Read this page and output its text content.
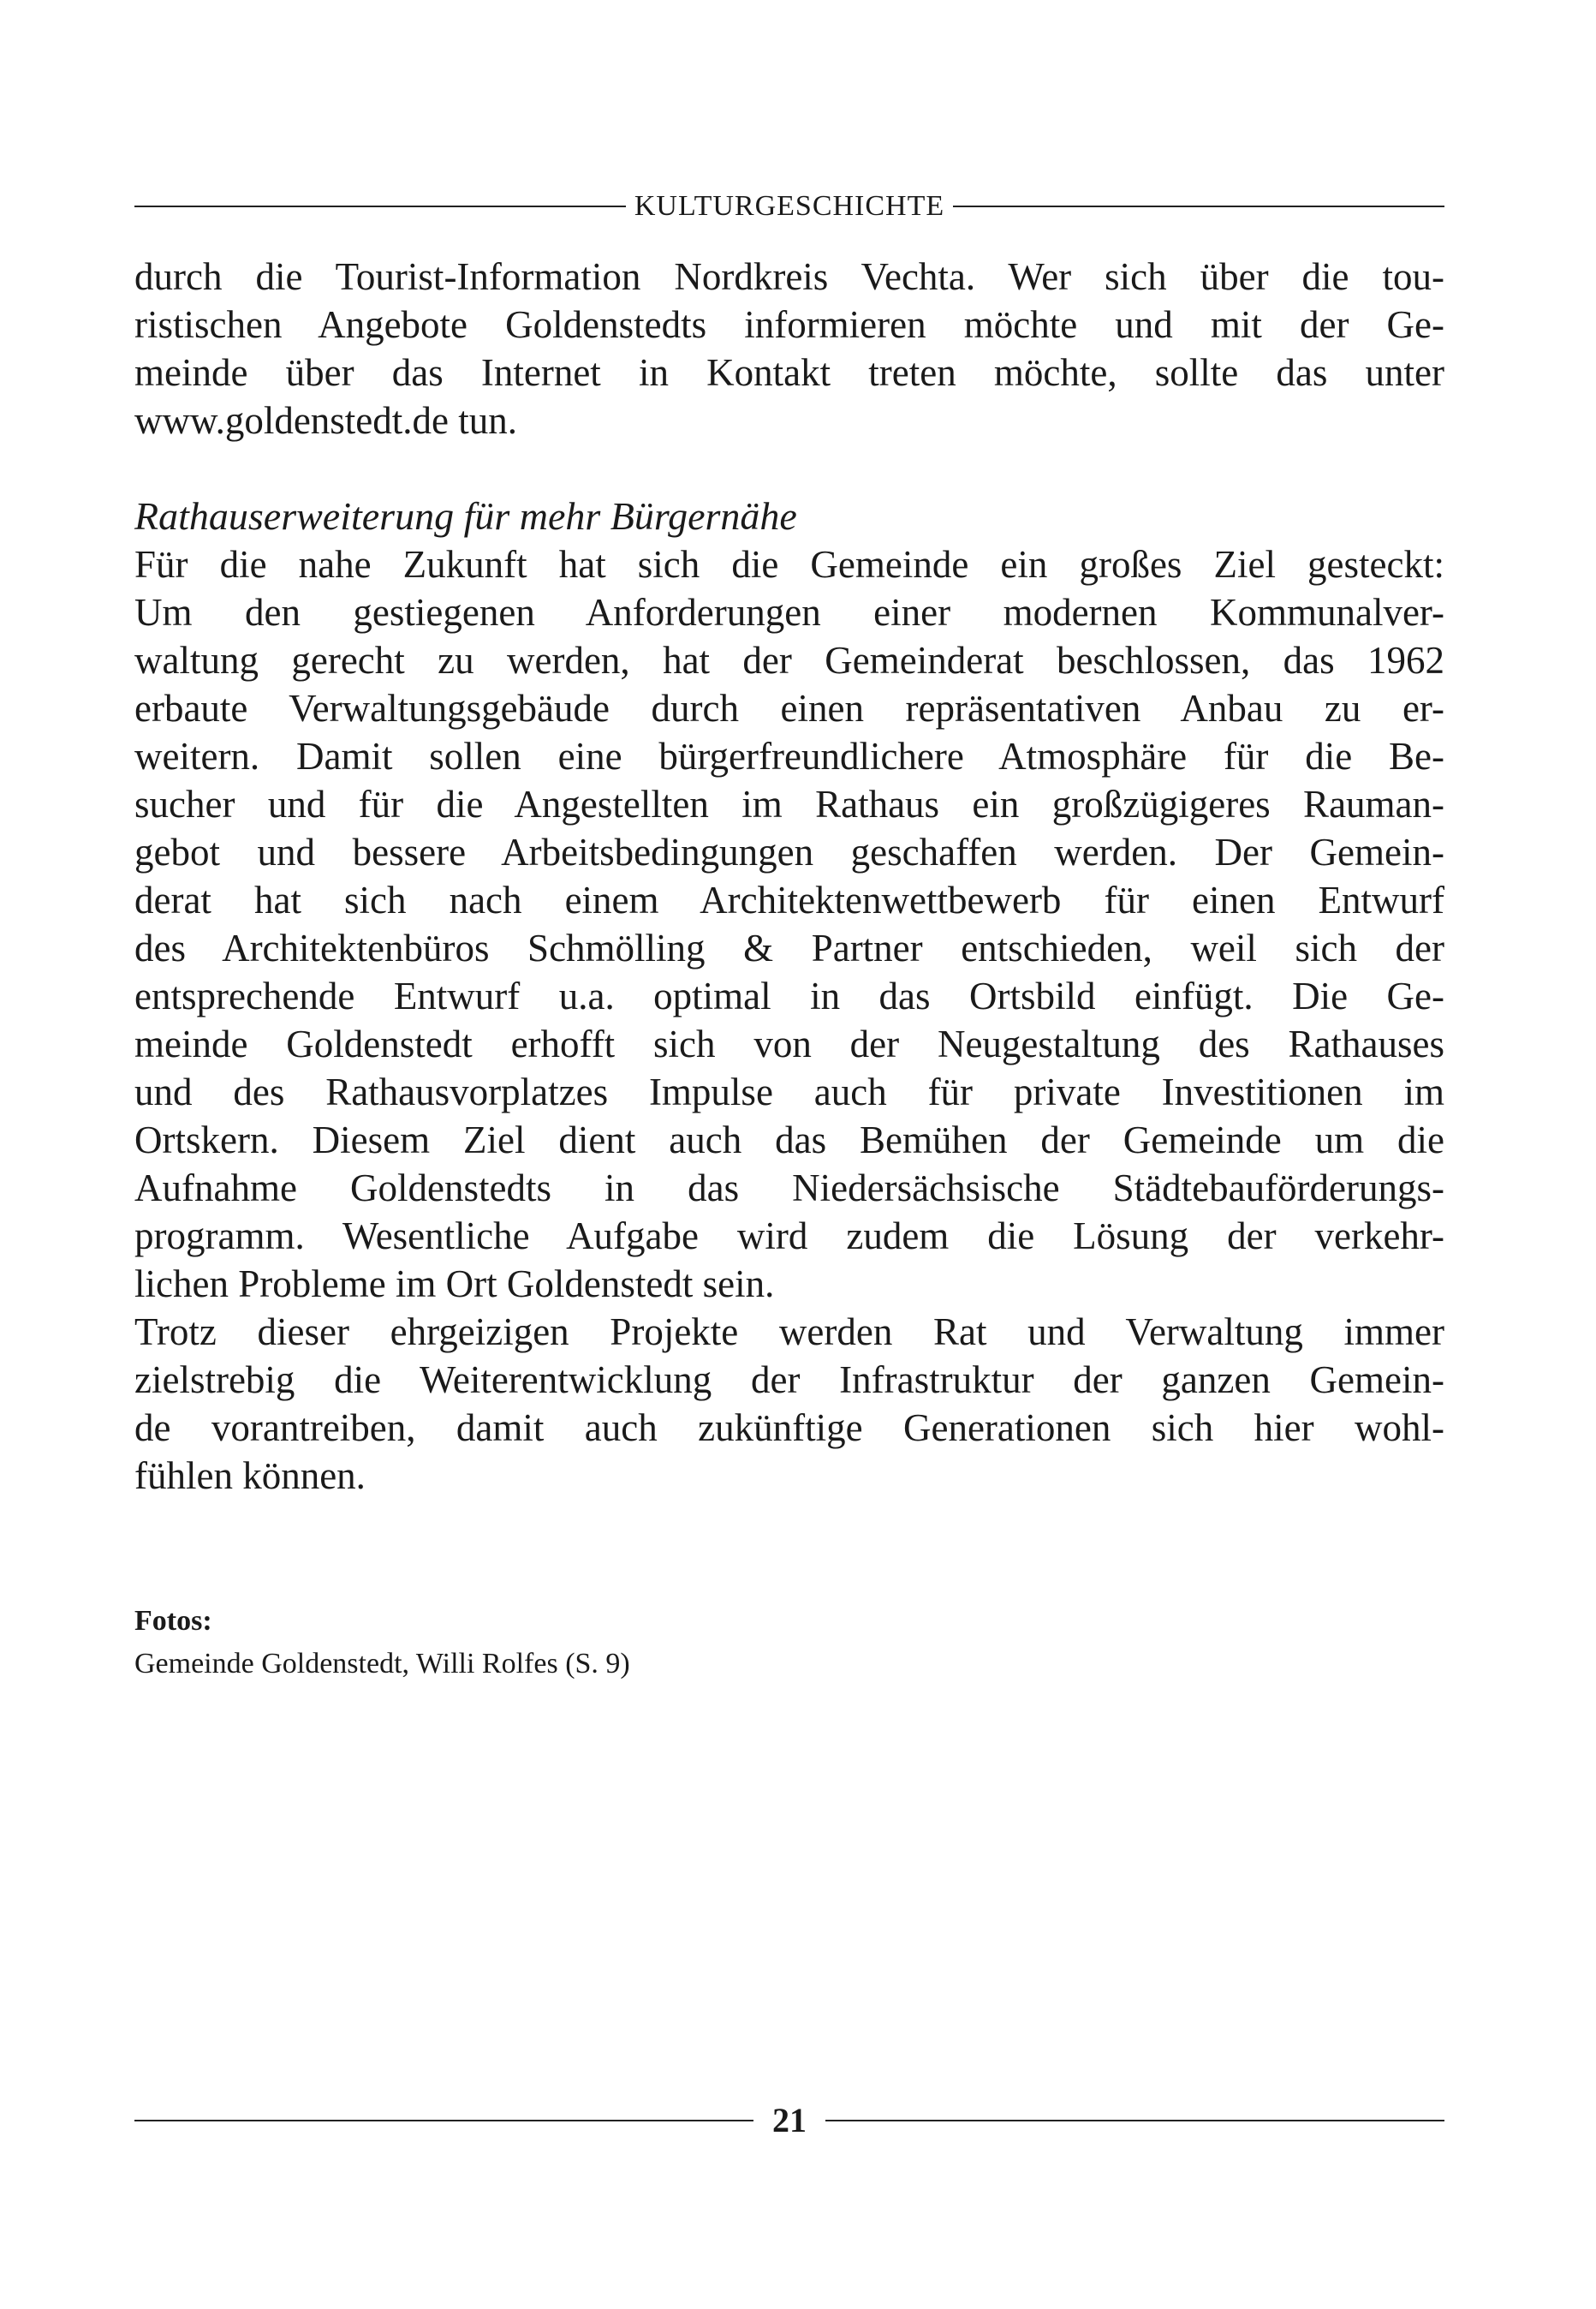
KULTURGESCHICHTE
durch die Tourist-Information Nordkreis Vechta. Wer sich über die tou-
ristischen Angebote Goldenstedts informieren möchte und mit der Ge-
meinde über das Internet in Kontakt treten möchte, sollte das unter
www.goldenstedt.de tun.
Rathauserweiterung für mehr Bürgernähe
Für die nahe Zukunft hat sich die Gemeinde ein großes Ziel gesteckt:
Um den gestiegenen Anforderungen einer modernen Kommunalver-
waltung gerecht zu werden, hat der Gemeinderat beschlossen, das 1962
erbaute Verwaltungsgebäude durch einen repräsentativen Anbau zu er-
weitern. Damit sollen eine bürgerfreundlichere Atmosphäre für die Be-
sucher und für die Angestellten im Rathaus ein großzügigeres Rauman-
gebot und bessere Arbeitsbedingungen geschaffen werden. Der Gemein-
derat hat sich nach einem Architektenwettbewerb für einen Entwurf
des Architektenbüros Schmölling & Partner entschieden, weil sich der
entsprechende Entwurf u.a. optimal in das Ortsbild einfügt. Die Ge-
meinde Goldenstedt erhofft sich von der Neugestaltung des Rathauses
und des Rathausvorplatzes Impulse auch für private Investitionen im
Ortskern. Diesem Ziel dient auch das Bemühen der Gemeinde um die
Aufnahme Goldenstedts in das Niedersächsische Städtebauförderungs-
programm. Wesentliche Aufgabe wird zudem die Lösung der verkehr-
lichen Probleme im Ort Goldenstedt sein.
Trotz dieser ehrgeizigen Projekte werden Rat und Verwaltung immer
zielstrebig die Weiterentwicklung der Infrastruktur der ganzen Gemein-
de vorantreiben, damit auch zukünftige Generationen sich hier wohl-
fühlen können.
Fotos:
Gemeinde Goldenstedt, Willi Rolfes (S. 9)
21
